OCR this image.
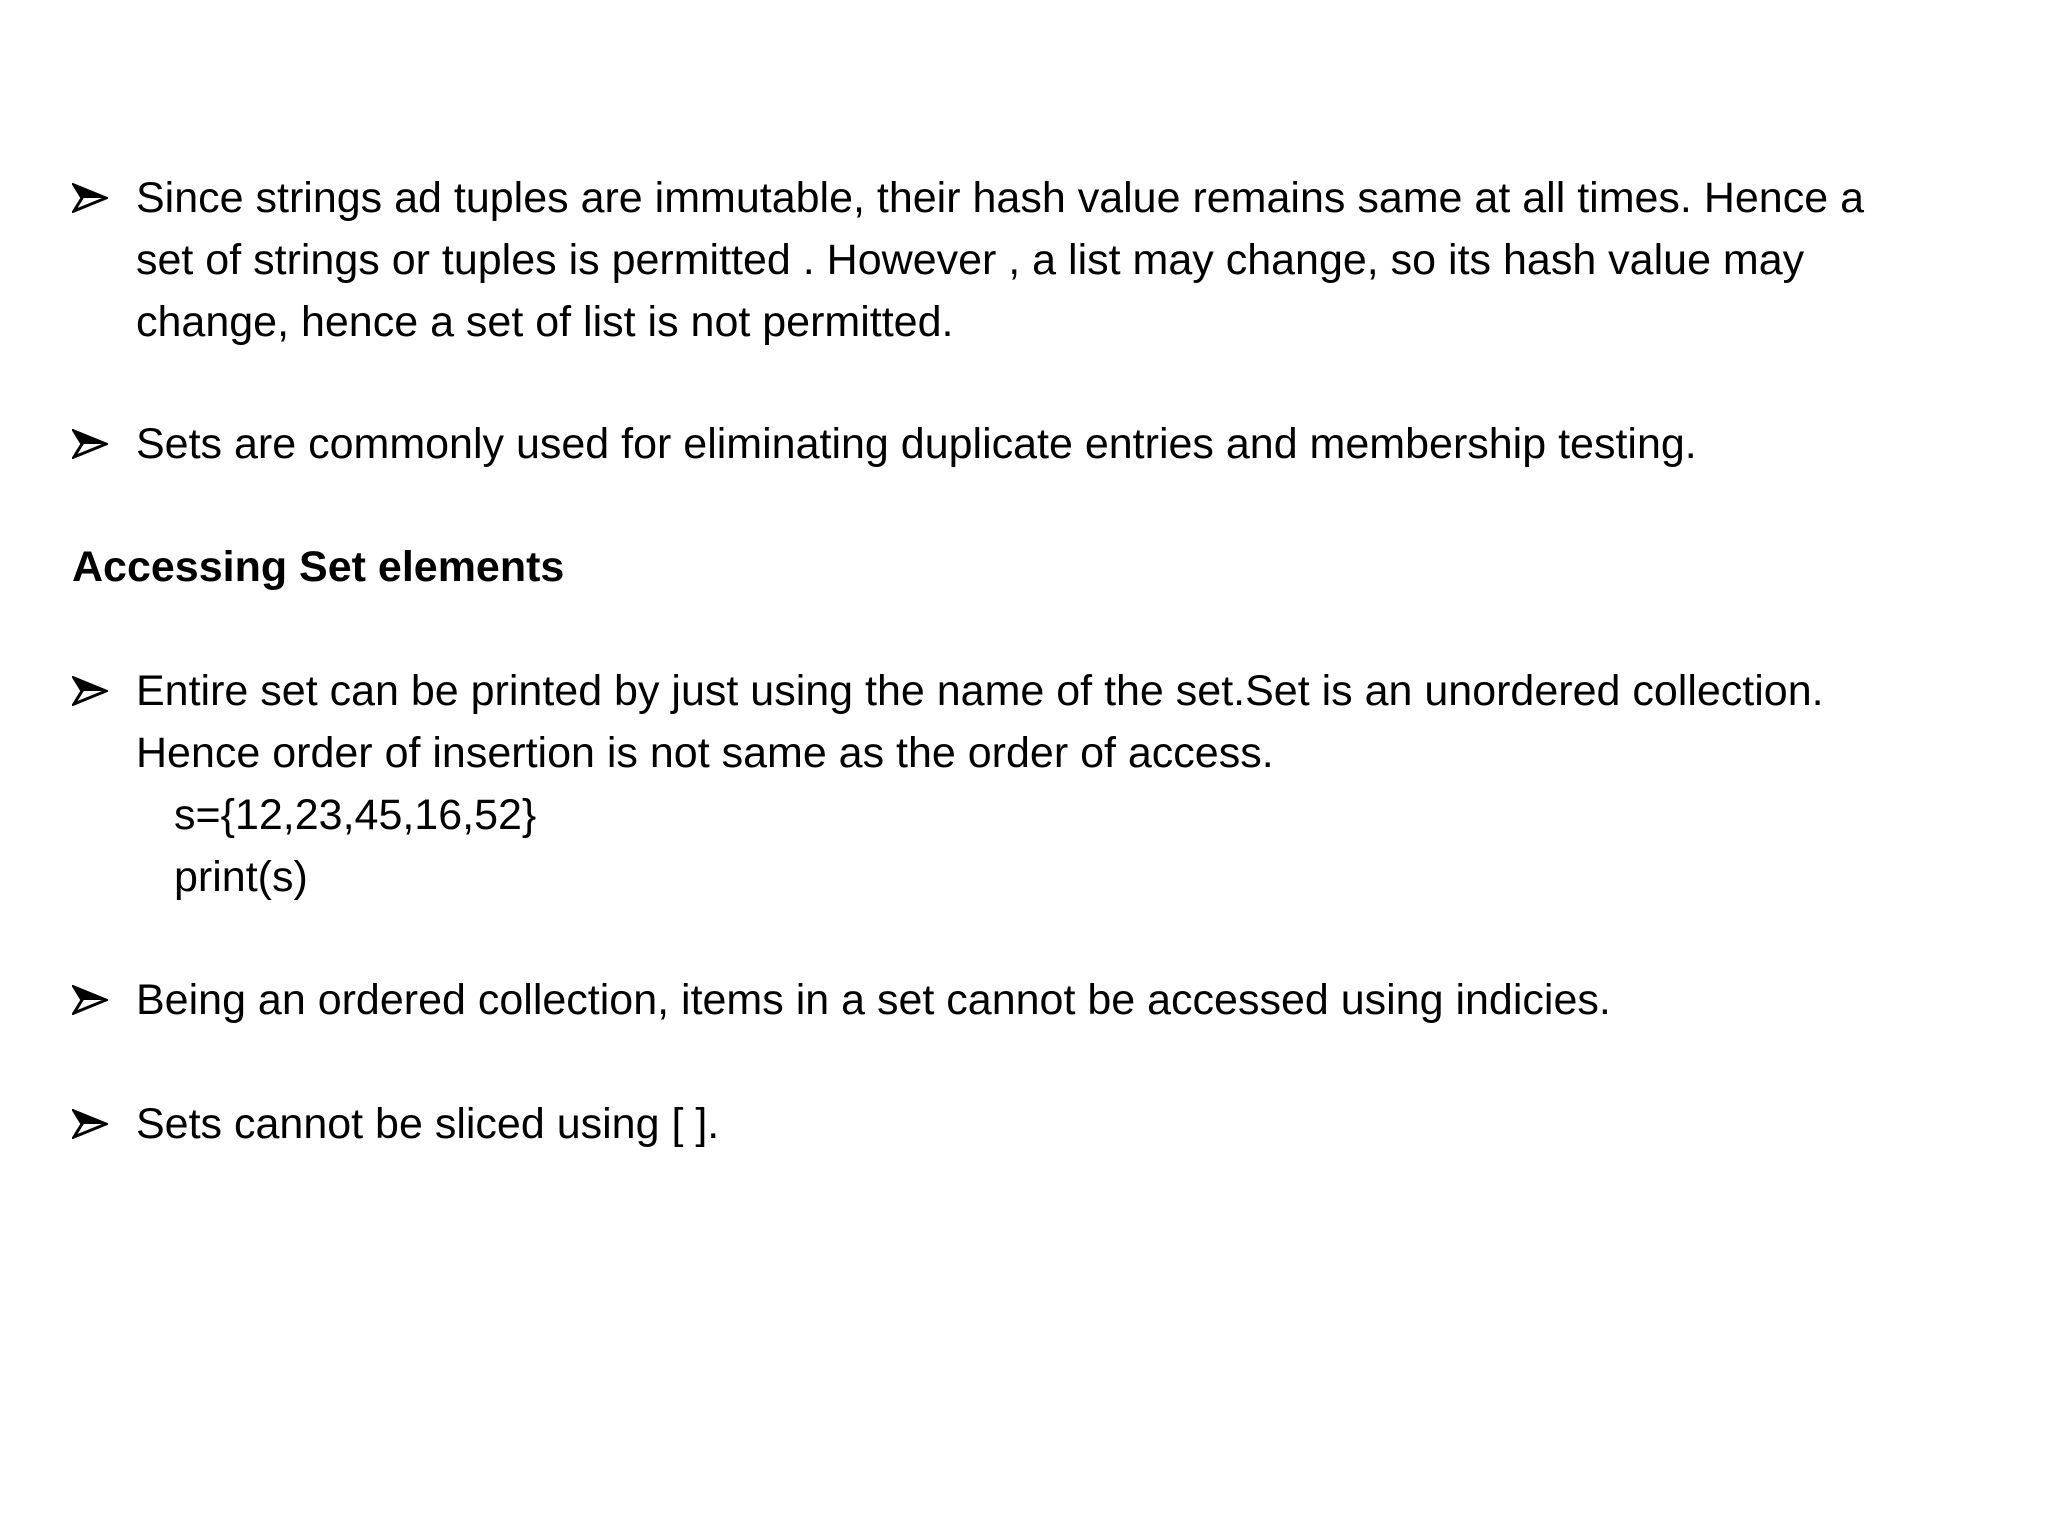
Since strings ad tuples are immutable, their hash value remains same at all times. Hence a
set of strings or tuples is permitted . However , a list may change, so its hash value may
change, hence a set of list is not permitted.
Sets are commonly used for eliminating duplicate entries and membership testing.
Accessing Set elements
Entire set can be printed by just using the name of the set.Set is an unordered collection.
Hence order of insertion is not same as the order of access.
s={12,23,45,16,52}
print(s)
Being an ordered collection, items in a set cannot be accessed using indicies.
Sets cannot be sliced using [ ].
